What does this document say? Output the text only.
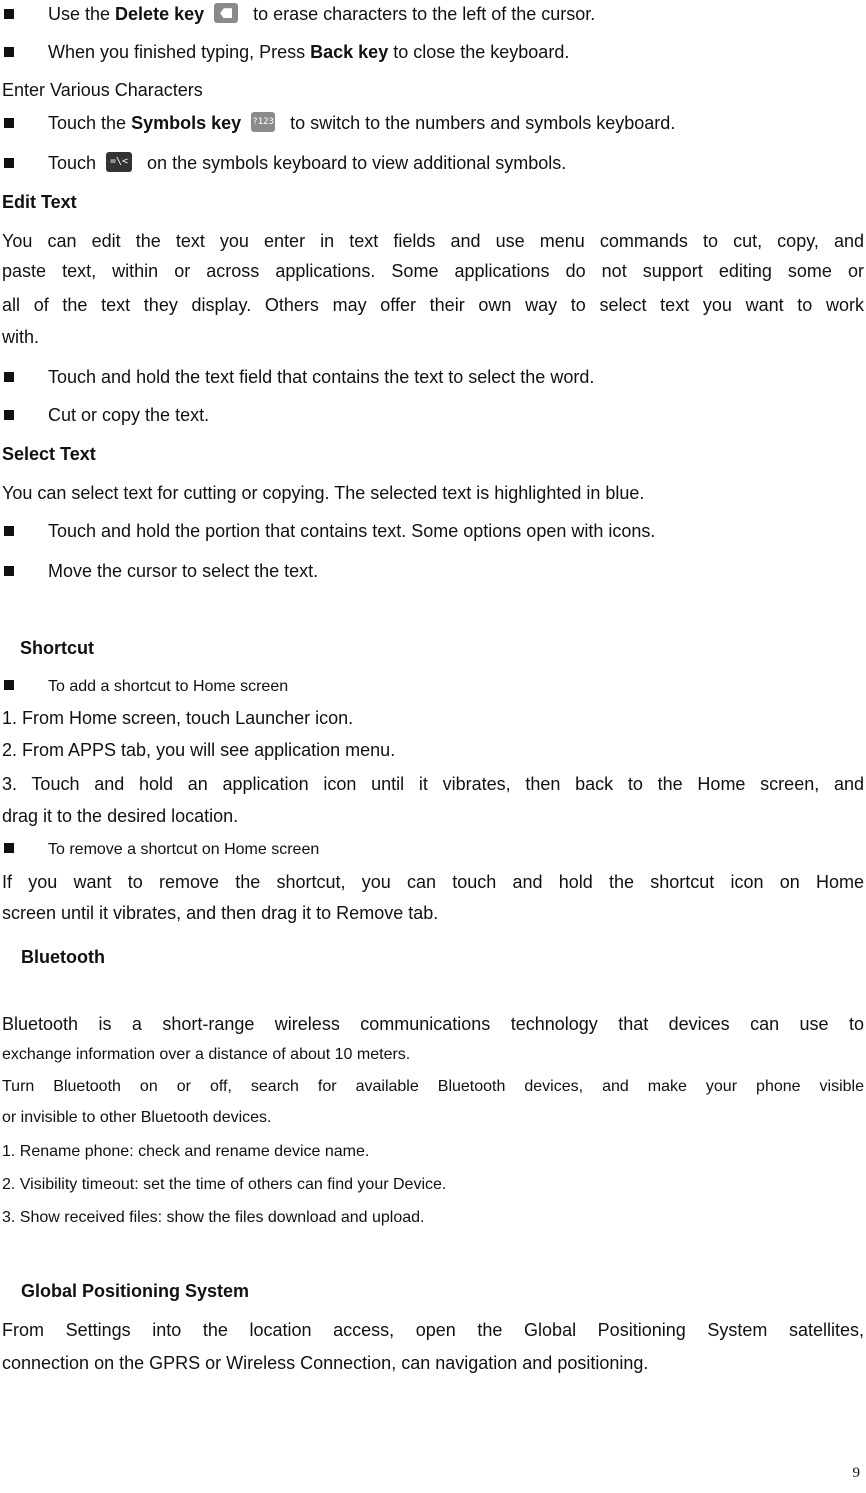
Use the Delete key to erase characters to the left of the cursor.
When you finished typing, Press Back key to close the keyboard.
Enter Various Characters
Touch the Symbols key ?123 to switch to the numbers and symbols keyboard.
Touch =\< on the symbols keyboard to view additional symbols.
Edit Text
You can edit the text you enter in text fields and use menu commands to cut, copy, and
paste text, within or across applications. Some applications do not support editing some or
all of the text they display. Others may offer their own way to select text you want to work
with.
Touch and hold the text field that contains the text to select the word.
Cut or copy the text.
Select Text
You can select text for cutting or copying. The selected text is highlighted in blue.
Touch and hold the portion that contains text. Some options open with icons.
Move the cursor to select the text.
Shortcut
To add a shortcut to Home screen
1. From Home screen, touch Launcher icon.
2. From APPS tab, you will see application menu.
3. Touch and hold an application icon until it vibrates, then back to the Home screen, and
drag it to the desired location.
To remove a shortcut on Home screen
If you want to remove the shortcut, you can touch and hold the shortcut icon on Home
screen until it vibrates, and then drag it to Remove tab.
Bluetooth
Bluetooth is a short-range wireless communications technology that devices can use to
exchange information over a distance of about 10 meters.
Turn Bluetooth on or off, search for available Bluetooth devices, and make your phone visible
or invisible to other Bluetooth devices.
1. Rename phone: check and rename device name.
2. Visibility timeout: set the time of others can find your Device.
3. Show received files: show the files download and upload.
Global Positioning System
From Settings into the location access, open the Global Positioning System satellites,
connection on the GPRS or Wireless Connection, can navigation and positioning.
9
